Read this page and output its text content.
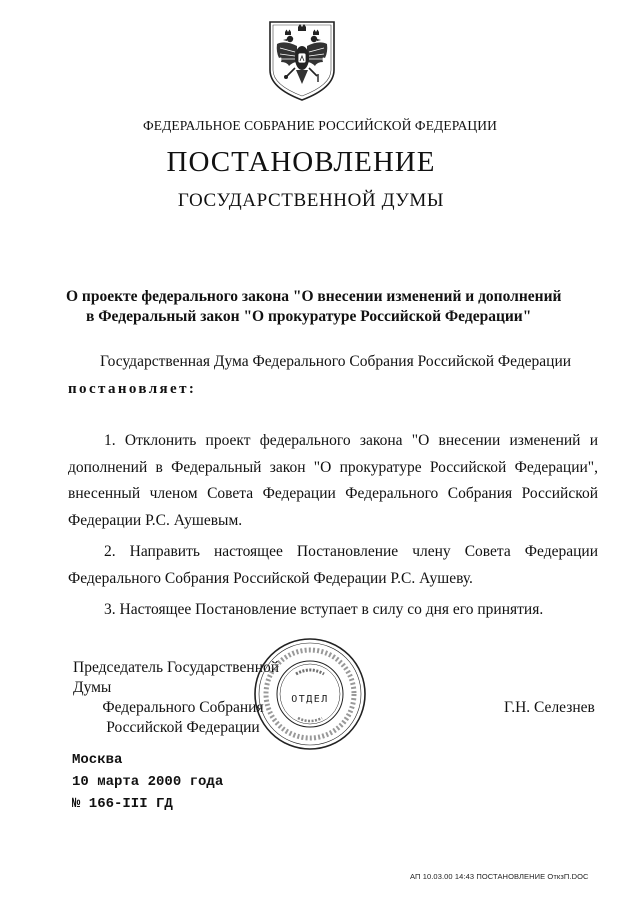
ФЕДЕРАЛЬНОЕ СОБРАНИЕ РОССИЙСКОЙ ФЕДЕРАЦИИ
ПОСТАНОВЛЕНИЕ
ГОСУДАРСТВЕННОЙ ДУМЫ
О проекте федерального закона "О внесении изменений и дополнений
в Федеральный закон "О прокуратуре Российской Федерации"
Государственная Дума Федерального Собрания Российской Федерации
постановляет:

1. Отклонить проект федерального закона "О внесении изменений и дополнений в Федеральный закон "О прокуратуре Российской Федерации", внесенный членом Совета Федерации Федерального Собрания Российской Федерации Р.С. Аушевым.

2. Направить настоящее Постановление члену Совета Федерации Федерального Собрания Российской Федерации Р.С. Аушеву.

3. Настоящее Постановление вступает в силу со дня его принятия.

Председатель Государственной Думы
Федерального Собрания
Российской Федерации
ОТДЕЛ	Г.Н. Селезнев
Москва
10 марта 2000 года
№ 166-III ГД
АП 10.03.00 14:43 ПОСТАНОВЛЕНИЕ ОткзП.DOC
